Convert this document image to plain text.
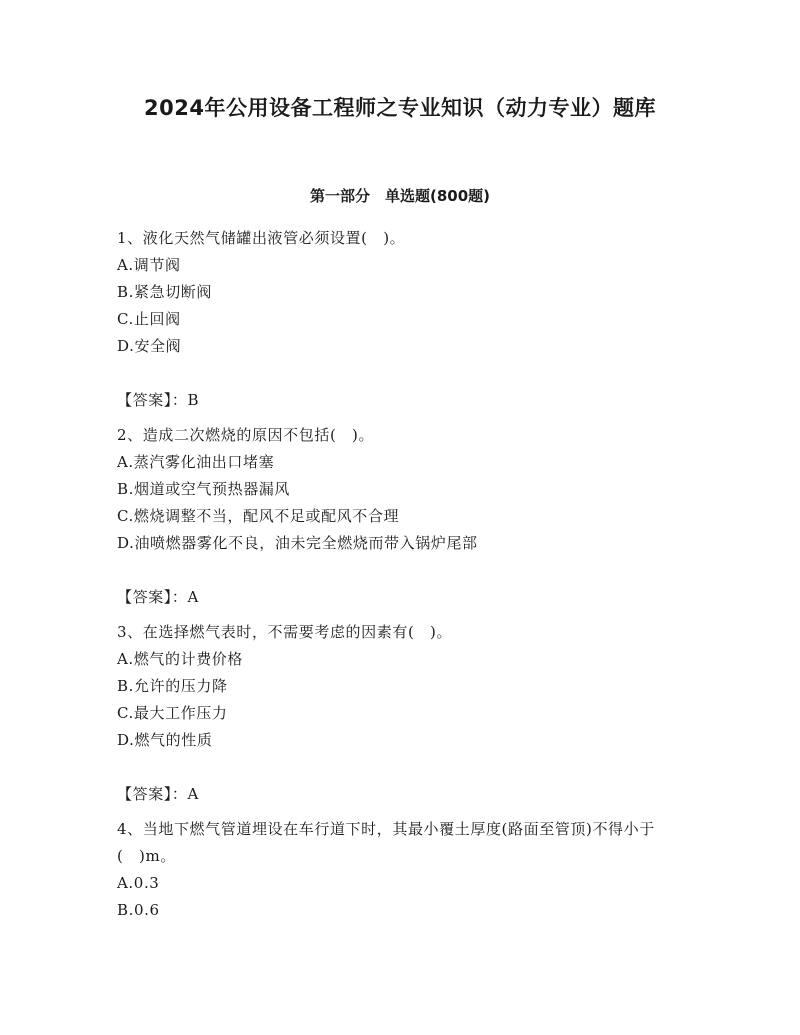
2024年公用设备工程师之专业知识（动力专业）题库
第一部分　单选题(800题)

1、液化天然气储罐出液管必须设置(　)。

A.调节阀

B.紧急切断阀

C.止回阀

D.安全阀

【答案】：B

2、造成二次燃烧的原因不包括(　)。

A.蒸汽雾化油出口堵塞

B.烟道或空气预热器漏风

C.燃烧调整不当，配风不足或配风不合理

D.油喷燃器雾化不良，油未完全燃烧而带入锅炉尾部

【答案】：A

3、在选择燃气表时，不需要考虑的因素有(　)。

A.燃气的计费价格

B.允许的压力降

C.最大工作压力

D.燃气的性质

【答案】：A

4、当地下燃气管道埋设在车行道下时，其最小覆土厚度(路面至管顶)不得小于(　)m。

A.0.3

B.0.6
